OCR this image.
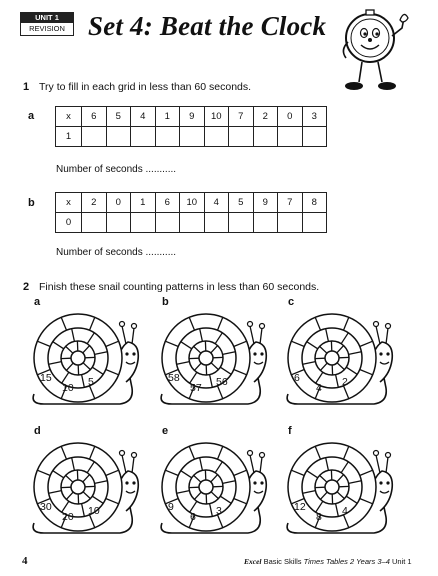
UNIT 1
REVISION Set 4: Beat the Clock
1 Try to fill in each grid in less than 60 seconds.
a	x	6	5	4	1	9	10	7	2	0	3
1										
Number of seconds ...........
b	x	2	0	1	6	10	4	5	9	7	8
0										
Number of seconds ...........
2 Finish these snail counting patterns in less than 60 seconds.
a
15
10 5
b
58
57 56
c
6
4 2
d
30
20 10
e
9
6 3
f
12
8 4
4	Excel Basic Skills Times Tables 2 Years 3–4 Unit 1
